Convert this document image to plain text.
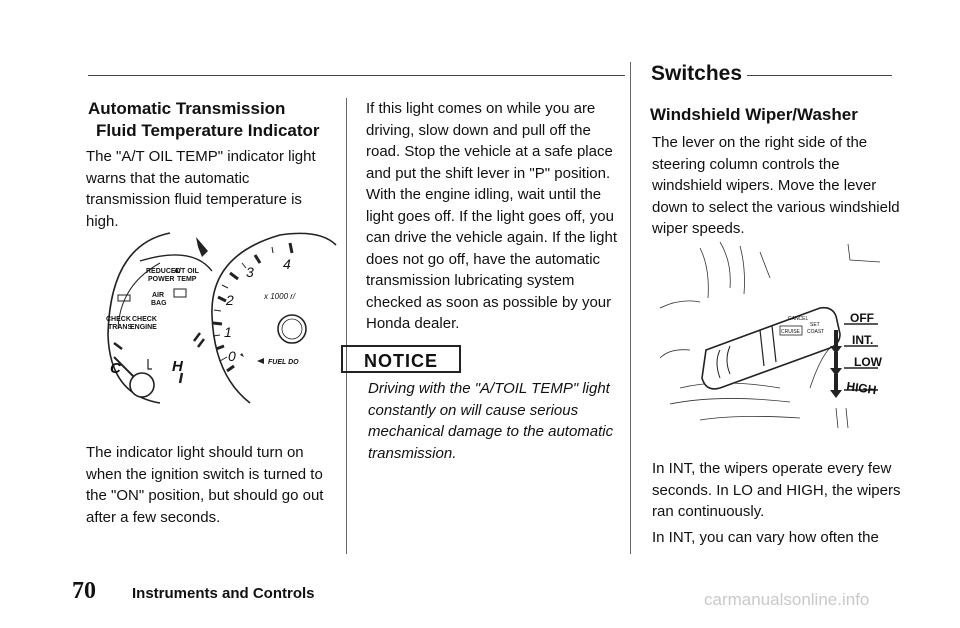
Switches
Automatic Transmission
Fluid Temperature Indicator

The "A/T OIL TEMP" indicator light warns that the automatic transmission fluid temperature is high.

REDUCED
POWER
A/T OIL
TEMP
AIR
BAG
CHECK
TRANS
CHECK
ENGINE
C	H
0
1
2
3 4
x 1000 r/
FUEL DO

The indicator light should turn on when the ignition switch is turned to the "ON" position, but should go out after a few seconds.

If this light comes on while you are driving, slow down and pull off the road. Stop the vehicle at a safe place and put the shift lever in "P" position. With the engine idling, wait until the light goes off. If the light goes off, you can drive the vehicle again. If the light does not go off, have the automatic transmission lubricating system checked as soon as possible by your Honda dealer.

NOTICE

Driving with the "A/TOIL TEMP" light constantly on will cause serious mechanical damage to the automatic transmission.

Windshield Wiper/Washer

The lever on the right side of the steering column controls the windshield wipers. Move the lever down to select the various windshield wiper speeds.

CANCEL
CRUISE
SET
COAST
OFF
INT.
LOW
HIGH

In INT, the wipers operate every few seconds. In LO and HIGH, the wipers ran continuously.

In INT, you can vary how often the

70 Instruments and Controls	carmanualsonline.info
